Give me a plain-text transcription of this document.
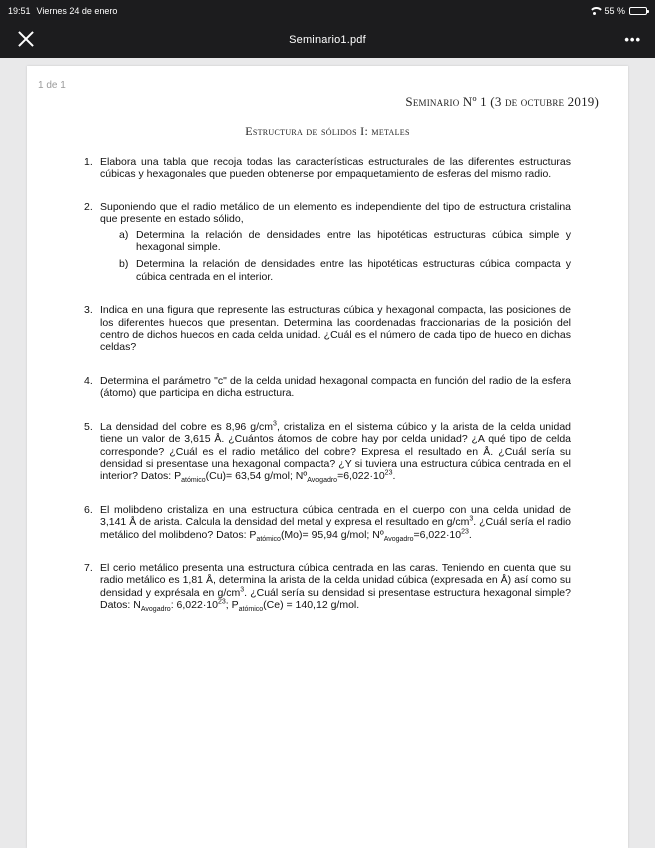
19:51 Viernes 24 de enero	55 %
Seminario1.pdf	•••
1 de 1
Seminario Nº 1 (3 de octubre 2019)
Estructura de sólidos I: metales
1. Elabora una tabla que recoja todas las características estructurales de las diferentes estructuras cúbicas y hexagonales que pueden obtenerse por empaquetamiento de esferas del mismo radio.
2. Suponiendo que el radio metálico de un elemento es independiente del tipo de estructura cristalina que presente en estado sólido,
a) Determina la relación de densidades entre las hipotéticas estructuras cúbica simple y hexagonal simple.
b) Determina la relación de densidades entre las hipotéticas estructuras cúbica compacta y cúbica centrada en el interior.
3. Indica en una figura que represente las estructuras cúbica y hexagonal compacta, las posiciones de los diferentes huecos que presentan. Determina las coordenadas fraccionarias de la posición del centro de dichos huecos en cada celda unidad. ¿Cuál es el número de cada tipo de hueco en dichas celdas?
4. Determina el parámetro "c" de la celda unidad hexagonal compacta en función del radio de la esfera (átomo) que participa en dicha estructura.
5. La densidad del cobre es 8,96 $g/cm^3$, cristaliza en el sistema cúbico y la arista de la celda unidad tiene un valor de 3,615 Å. ¿Cuántos átomos de cobre hay por celda unidad? ¿A qué tipo de celda corresponde? ¿Cuál es el radio metálico del cobre? Expresa el resultado en Å. ¿Cuál sería su densidad si presentase una hexagonal compacta? ¿Y si tuviera una estructura cúbica centrada en el interior? Datos: $P_{atómico}(Cu)= 63,54$ g/mol; $Nº_{Avogadro}=6,022\cdot 10^{23}$.
6. El molibdeno cristaliza en una estructura cúbica centrada en el cuerpo con una celda unidad de 3,141 Å de arista. Calcula la densidad del metal y expresa el resultado en $g/cm^3$. ¿Cuál sería el radio metálico del molibdeno? Datos: $P_{atómico}(Mo)= 95,94$ g/mol; $Nº_{Avogadro}=6,022\cdot 10^{23}$.
7. El cerio metálico presenta una estructura cúbica centrada en las caras. Teniendo en cuenta que su radio metálico es 1,81 Å, determina la arista de la celda unidad cúbica (expresada en Å) así como su densidad y exprésala en $g/cm^3$. ¿Cuál sería su densidad si presentase estructura hexagonal simple? Datos: $N_{Avogadro}$: $6,022\cdot 10^{23}$; $P_{atómico}(Ce) = 140,12$ g/mol.
